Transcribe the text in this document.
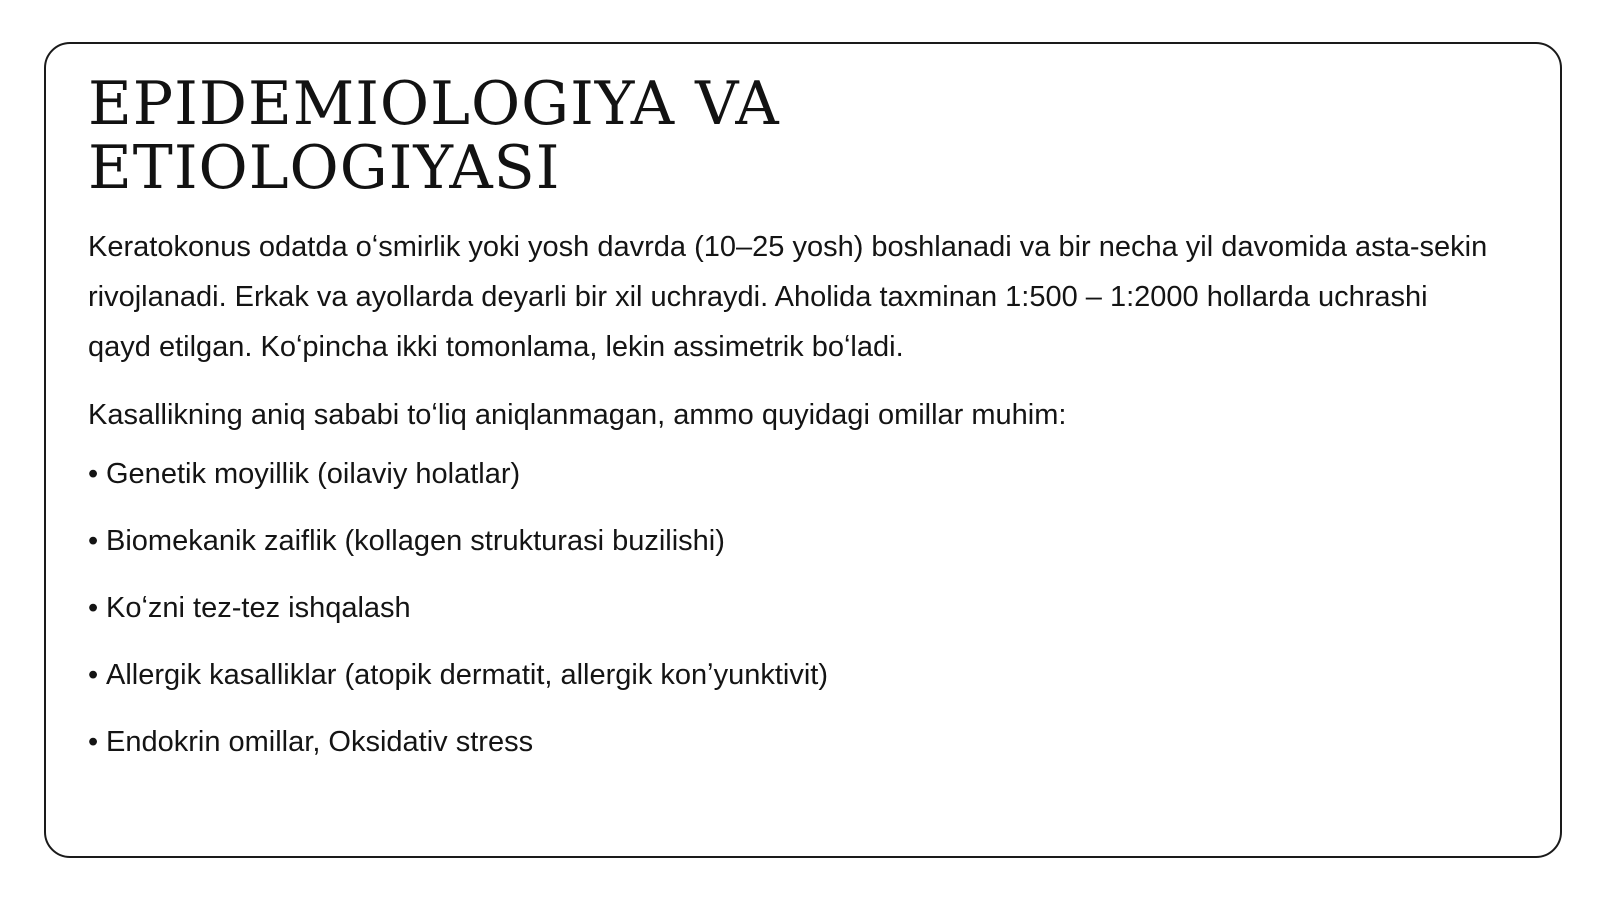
EPIDEMIOLOGIYA VA
ETIOLOGIYASI

Keratokonus odatda oʻsmirlik yoki yosh davrda (10–25 yosh) boshlanadi va bir necha yil davomida asta-sekin rivojlanadi. Erkak va ayollarda deyarli bir xil uchraydi. Aholida taxminan 1:500 – 1:2000 hollarda uchrashi qayd etilgan. Koʻpincha ikki tomonlama, lekin assimetrik boʻladi.

Kasallikning aniq sababi toʻliq aniqlanmagan, ammo quyidagi omillar muhim:

• Genetik moyillik (oilaviy holatlar)
• Biomekanik zaiflik (kollagen strukturasi buzilishi)
• Koʻzni tez-tez ishqalash
• Allergik kasalliklar (atopik dermatit, allergik konʼyunktivit)
• Endokrin omillar, Oksidativ stress
